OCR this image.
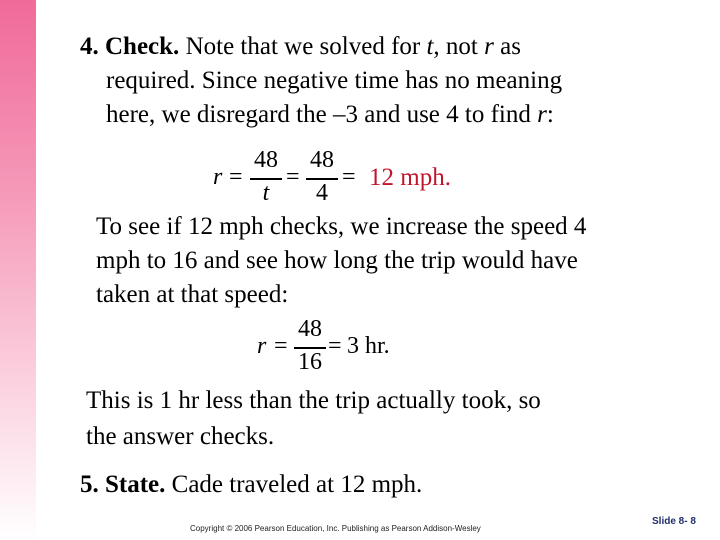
4. Check. Note that we solved for t, not r as
required. Since negative time has no meaning
here, we disregard the –3 and use 4 to find r:
r =
48
t
=
48
4
= 12 mph.
To see if 12 mph checks, we increase the speed 4
mph to 16 and see how long the trip would have
taken at that speed:
r =
48
16
= 3 hr.
This is 1 hr less than the trip actually took, so
the answer checks.
5. State. Cade traveled at 12 mph.
Copyright © 2006 Pearson Education, Inc. Publishing as Pearson Addison-Wesley
Slide 8- 8
